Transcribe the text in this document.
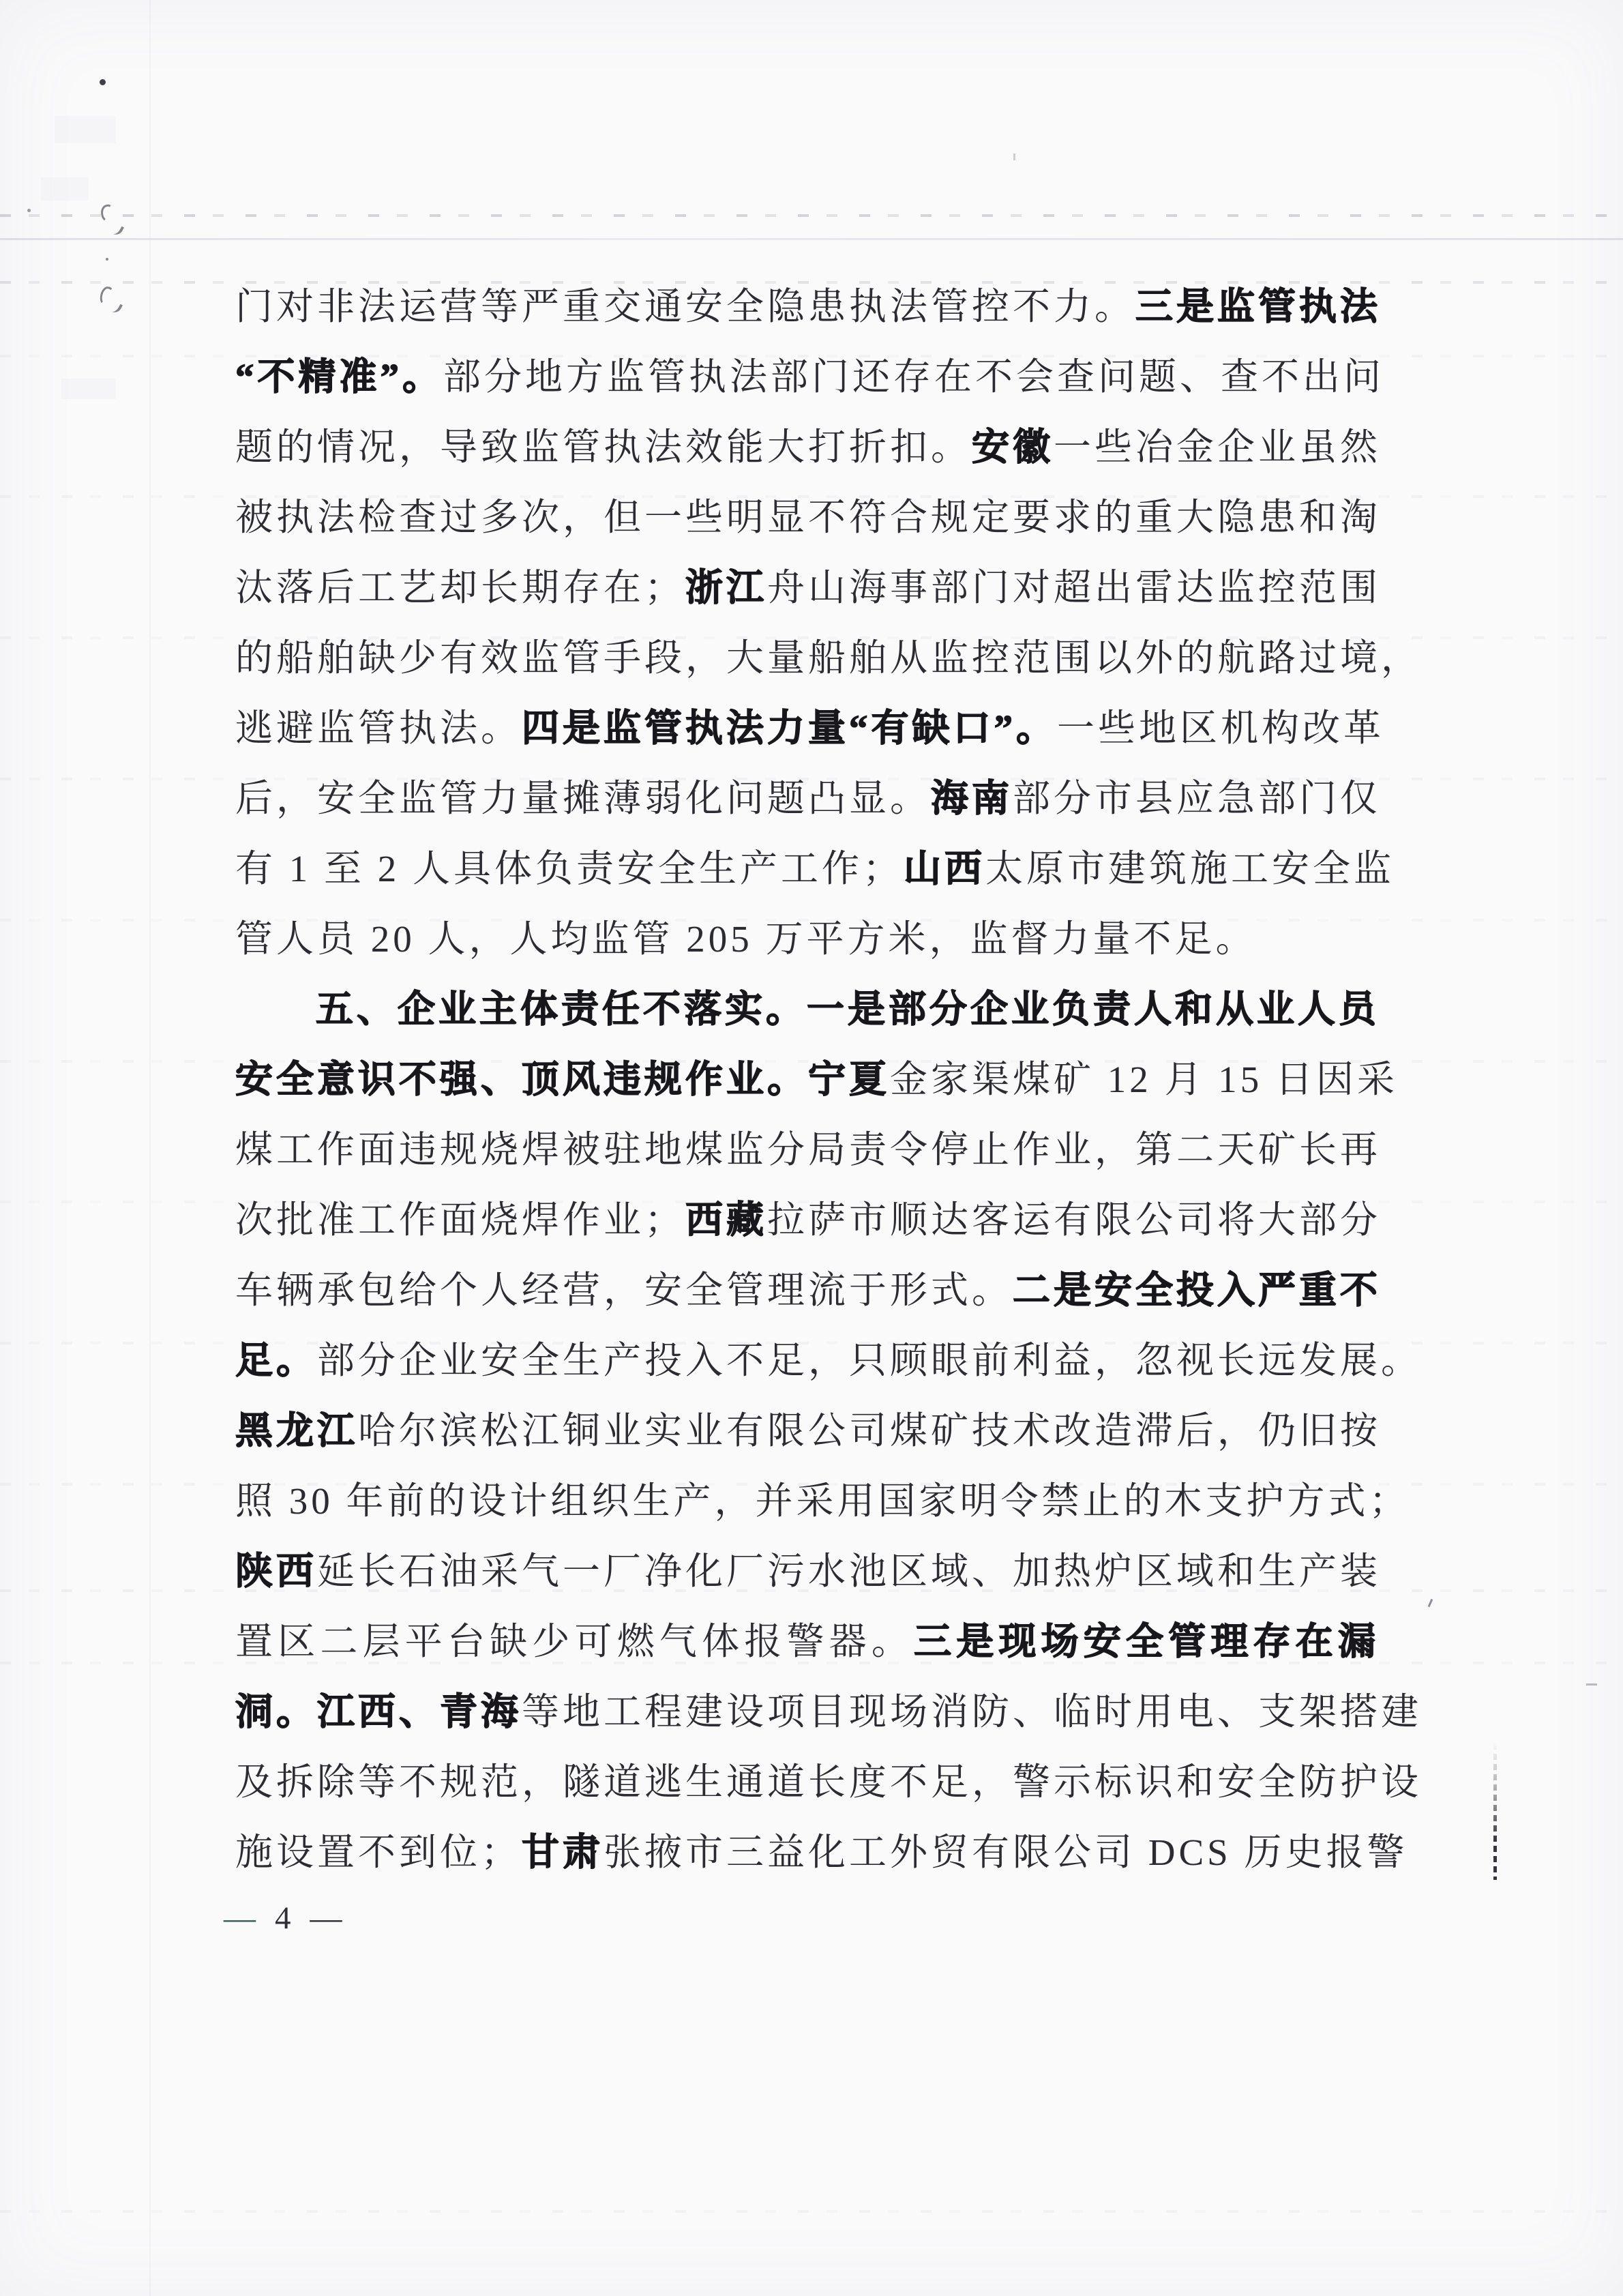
门对非法运营等严重交通安全隐患执法管控不力。三是监管执法
“不精准”。部分地方监管执法部门还存在不会查问题、查不出问
题的情况，导致监管执法效能大打折扣。安徽一些冶金企业虽然
被执法检查过多次，但一些明显不符合规定要求的重大隐患和淘
汰落后工艺却长期存在；浙江舟山海事部门对超出雷达监控范围
的船舶缺少有效监管手段，大量船舶从监控范围以外的航路过境，
逃避监管执法。四是监管执法力量“有缺口”。一些地区机构改革
后，安全监管力量摊薄弱化问题凸显。海南部分市县应急部门仅
有 1 至 2 人具体负责安全生产工作；山西太原市建筑施工安全监
管人员 20 人，人均监管 205 万平方米，监督力量不足。
五、企业主体责任不落实。一是部分企业负责人和从业人员
安全意识不强、顶风违规作业。宁夏金家渠煤矿 12 月 15 日因采
煤工作面违规烧焊被驻地煤监分局责令停止作业，第二天矿长再
次批准工作面烧焊作业；西藏拉萨市顺达客运有限公司将大部分
车辆承包给个人经营，安全管理流于形式。二是安全投入严重不
足。部分企业安全生产投入不足，只顾眼前利益，忽视长远发展。
黑龙江哈尔滨松江铜业实业有限公司煤矿技术改造滞后，仍旧按
照 30 年前的设计组织生产，并采用国家明令禁止的木支护方式；
陕西延长石油采气一厂净化厂污水池区域、加热炉区域和生产装
置区二层平台缺少可燃气体报警器。三是现场安全管理存在漏
洞。江西、青海等地工程建设项目现场消防、临时用电、支架搭建
及拆除等不规范，隧道逃生通道长度不足，警示标识和安全防护设
施设置不到位；甘肃张掖市三益化工外贸有限公司 DCS 历史报警
— 4 —
